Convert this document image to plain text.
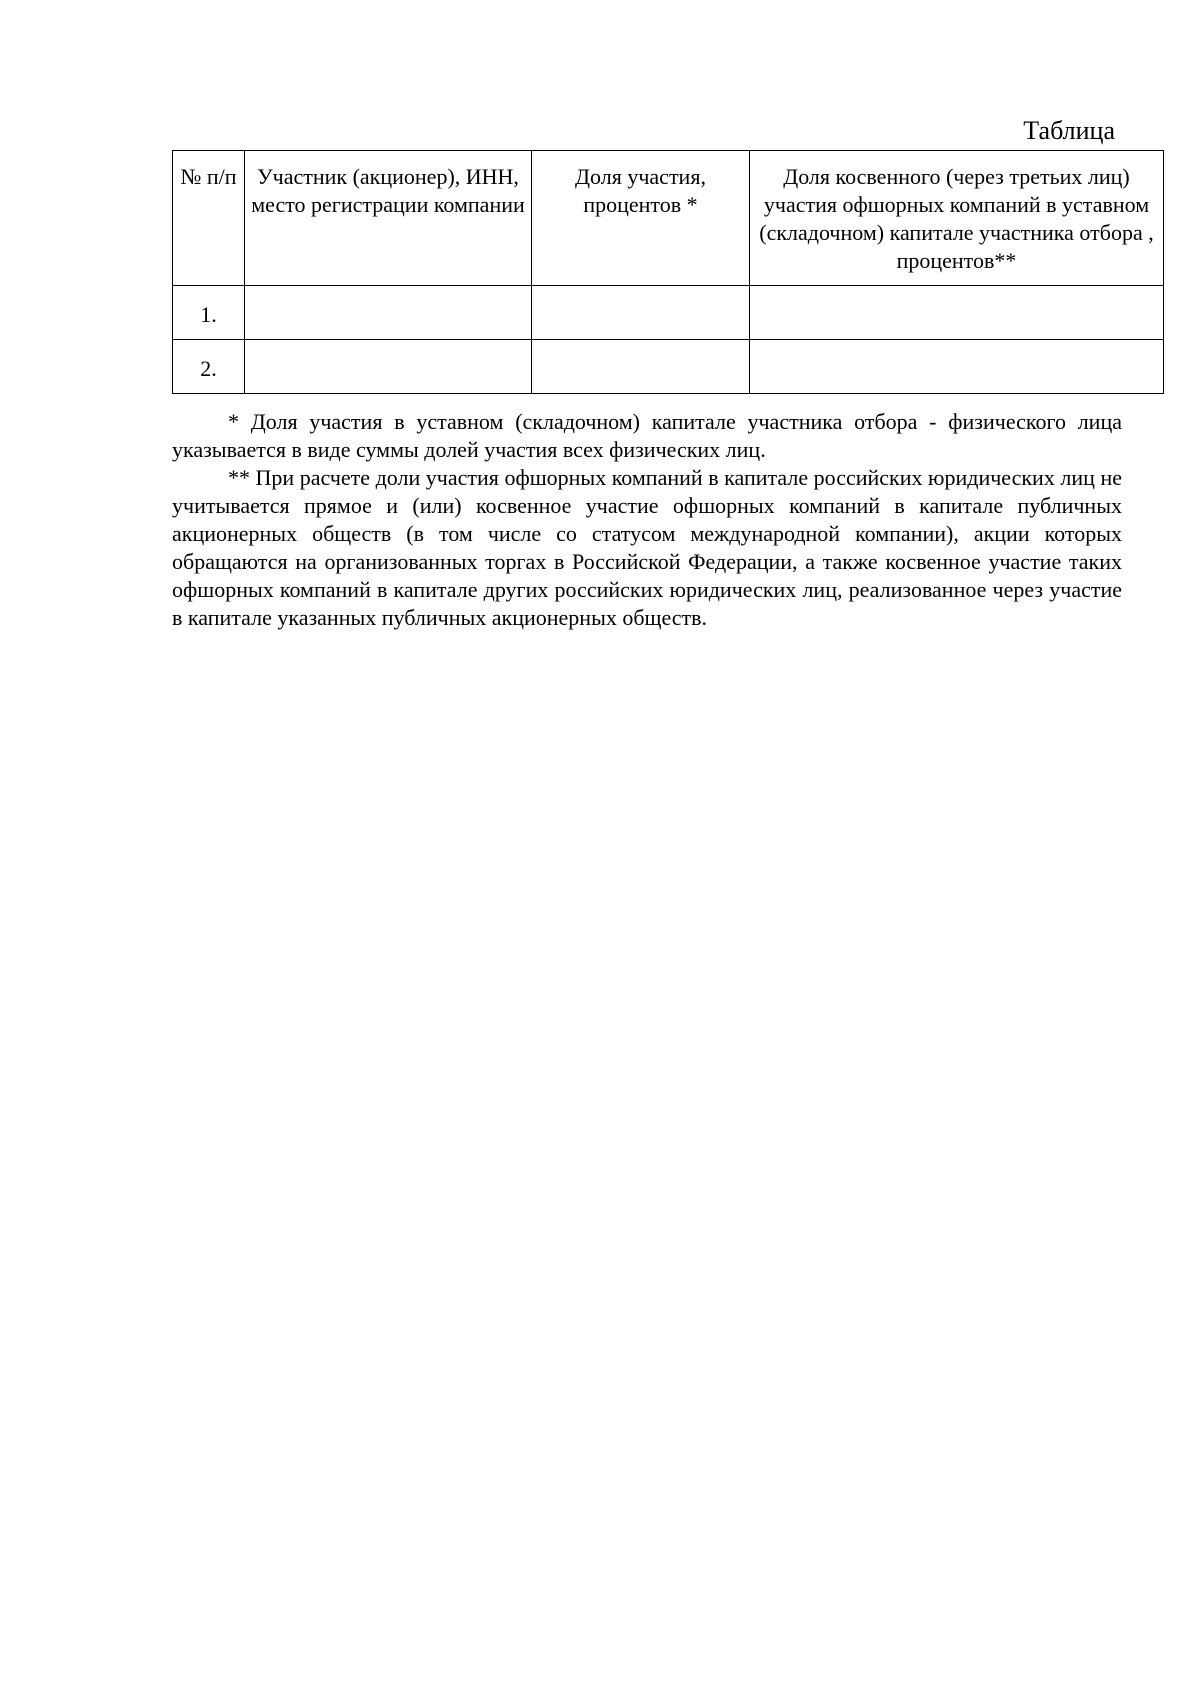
Таблица
№ п/п	Участник (акционер), ИНН, место регистрации компании	Доля участия, процентов *	Доля косвенного (через третьих лиц) участия офшорных компаний в уставном (складочном) капитале участника отбора , процентов**
1.			
2.			

* Доля участия в уставном (складочном) капитале участника отбора - физического лица указывается в виде суммы долей участия всех физических лиц.

** При расчете доли участия офшорных компаний в капитале российских юридических лиц не учитывается прямое и (или) косвенное участие офшорных компаний в капитале публичных акционерных обществ (в том числе со статусом международной компании), акции которых обращаются на организованных торгах в Российской Федерации, а также косвенное участие таких офшорных компаний в капитале других российских юридических лиц, реализованное через участие в капитале указанных публичных акционерных обществ.
